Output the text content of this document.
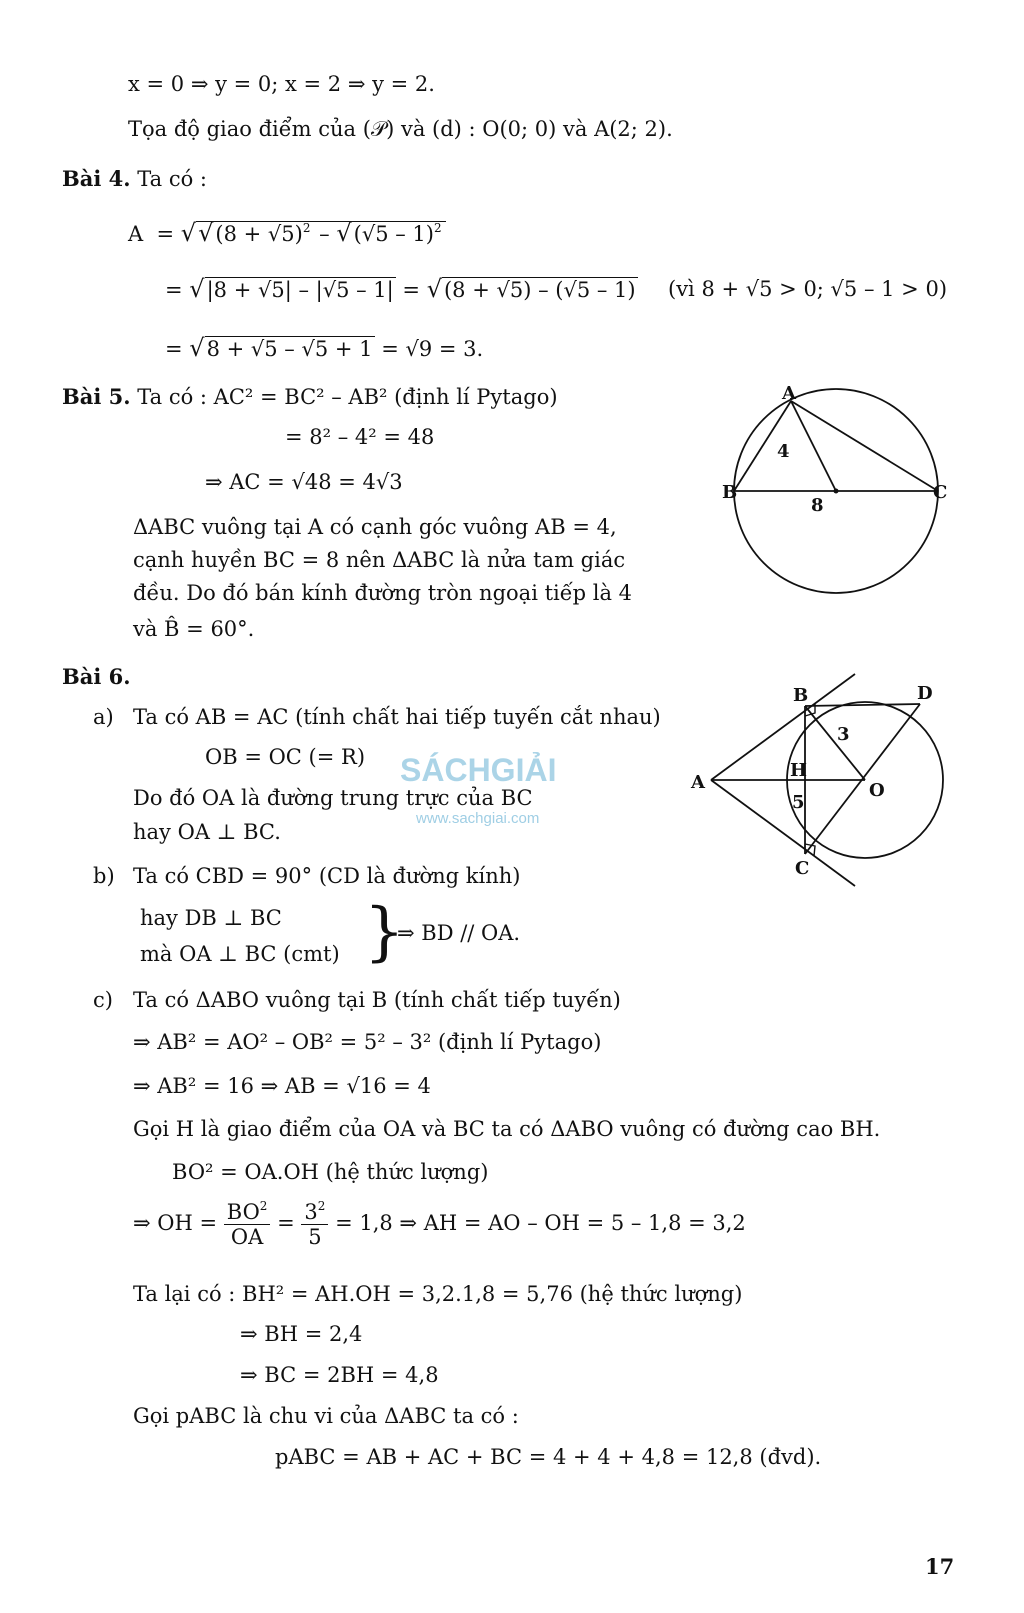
x = 0 ⇒ y = 0; x = 2 ⇒ y = 2.
Tọa độ giao điểm của (𝒫) và (d) : O(0; 0) và A(2; 2).
Bài 4. Ta có :
$A = √√(8 + √5)^2 - √(√5 - 1)^2$
= √|8 + √5| – |√5 – 1| = √(8 + √5) – (√5 – 1) (vì 8 + √5 > 0; √5 – 1 > 0)
= √8 + √5 – √5 + 1 = √9 = 3.
Bài 5. Ta có : AC² = BC² – AB² (định lí Pytago)
= 8² – 4² = 48
⇒ AC = √48 = 4√3
ΔABC vuông tại A có cạnh góc vuông AB = 4,
cạnh huyền BC = 8 nên ΔABC là nửa tam giác
đều. Do đó bán kính đường tròn ngoại tiếp là 4
và B̂ = 60°.
A
B	C
4
8
Bài 6.
a) Ta có AB = AC (tính chất hai tiếp tuyến cắt nhau)
OB = OC (= R)
Do đó OA là đường trung trực của BC
hay OA ⊥ BC.
b) Ta có CBD = 90° (CD là đường kính)
hay DB ⊥ BC
mà OA ⊥ BC (cmt) }
⇒ BD // OA.
c) Ta có ΔABO vuông tại B (tính chất tiếp tuyến)
⇒ AB² = AO² – OB² = 5² – 3² (định lí Pytago)
⇒ AB² = 16 ⇒ AB = √16 = 4
Gọi H là giao điểm của OA và BC ta có ΔABO vuông có đường cao BH.
BO² = OA.OH (hệ thức lượng)
⇒ OH = $\frac{BO^2}{OA} = \frac{3^2}{5} = 1,8$ ⇒ AH = AO – OH = 5 – 1,8 = 3,2
Ta lại có : BH² = AH.OH = 3,2.1,8 = 5,76 (hệ thức lượng)
⇒ BH = 2,4
⇒ BC = 2BH = 4,8
Gọi pABC là chu vi của ΔABC ta có :
pABC = AB + AC + BC = 4 + 4 + 4,8 = 12,8 (đvd).
B	D
A	O
H
C
3
5
SÁCHGIẢI
www.sachgiai.com
17
